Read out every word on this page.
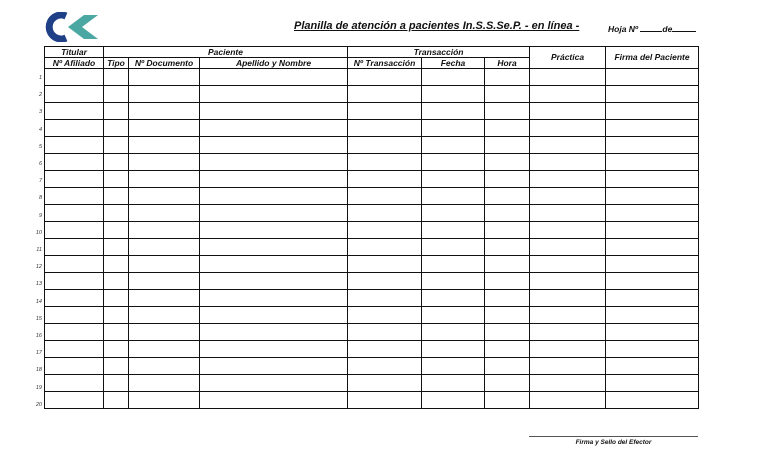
Planilla de atención a pacientes In.S.S.Se.P. - en línea -	Hoja Nº	de
Titular	Paciente			Transacción			Práctica	Firma del Paciente
Nº Afiliado	Tipo	Nº Documento	Apellido y Nombre	Nº Transacción	Fecha	Hora		

1
2
3
4
5
6
7
8
9
10
11
12
13
14
15
16
17
18
19
20
Firma y Sello del Efector
